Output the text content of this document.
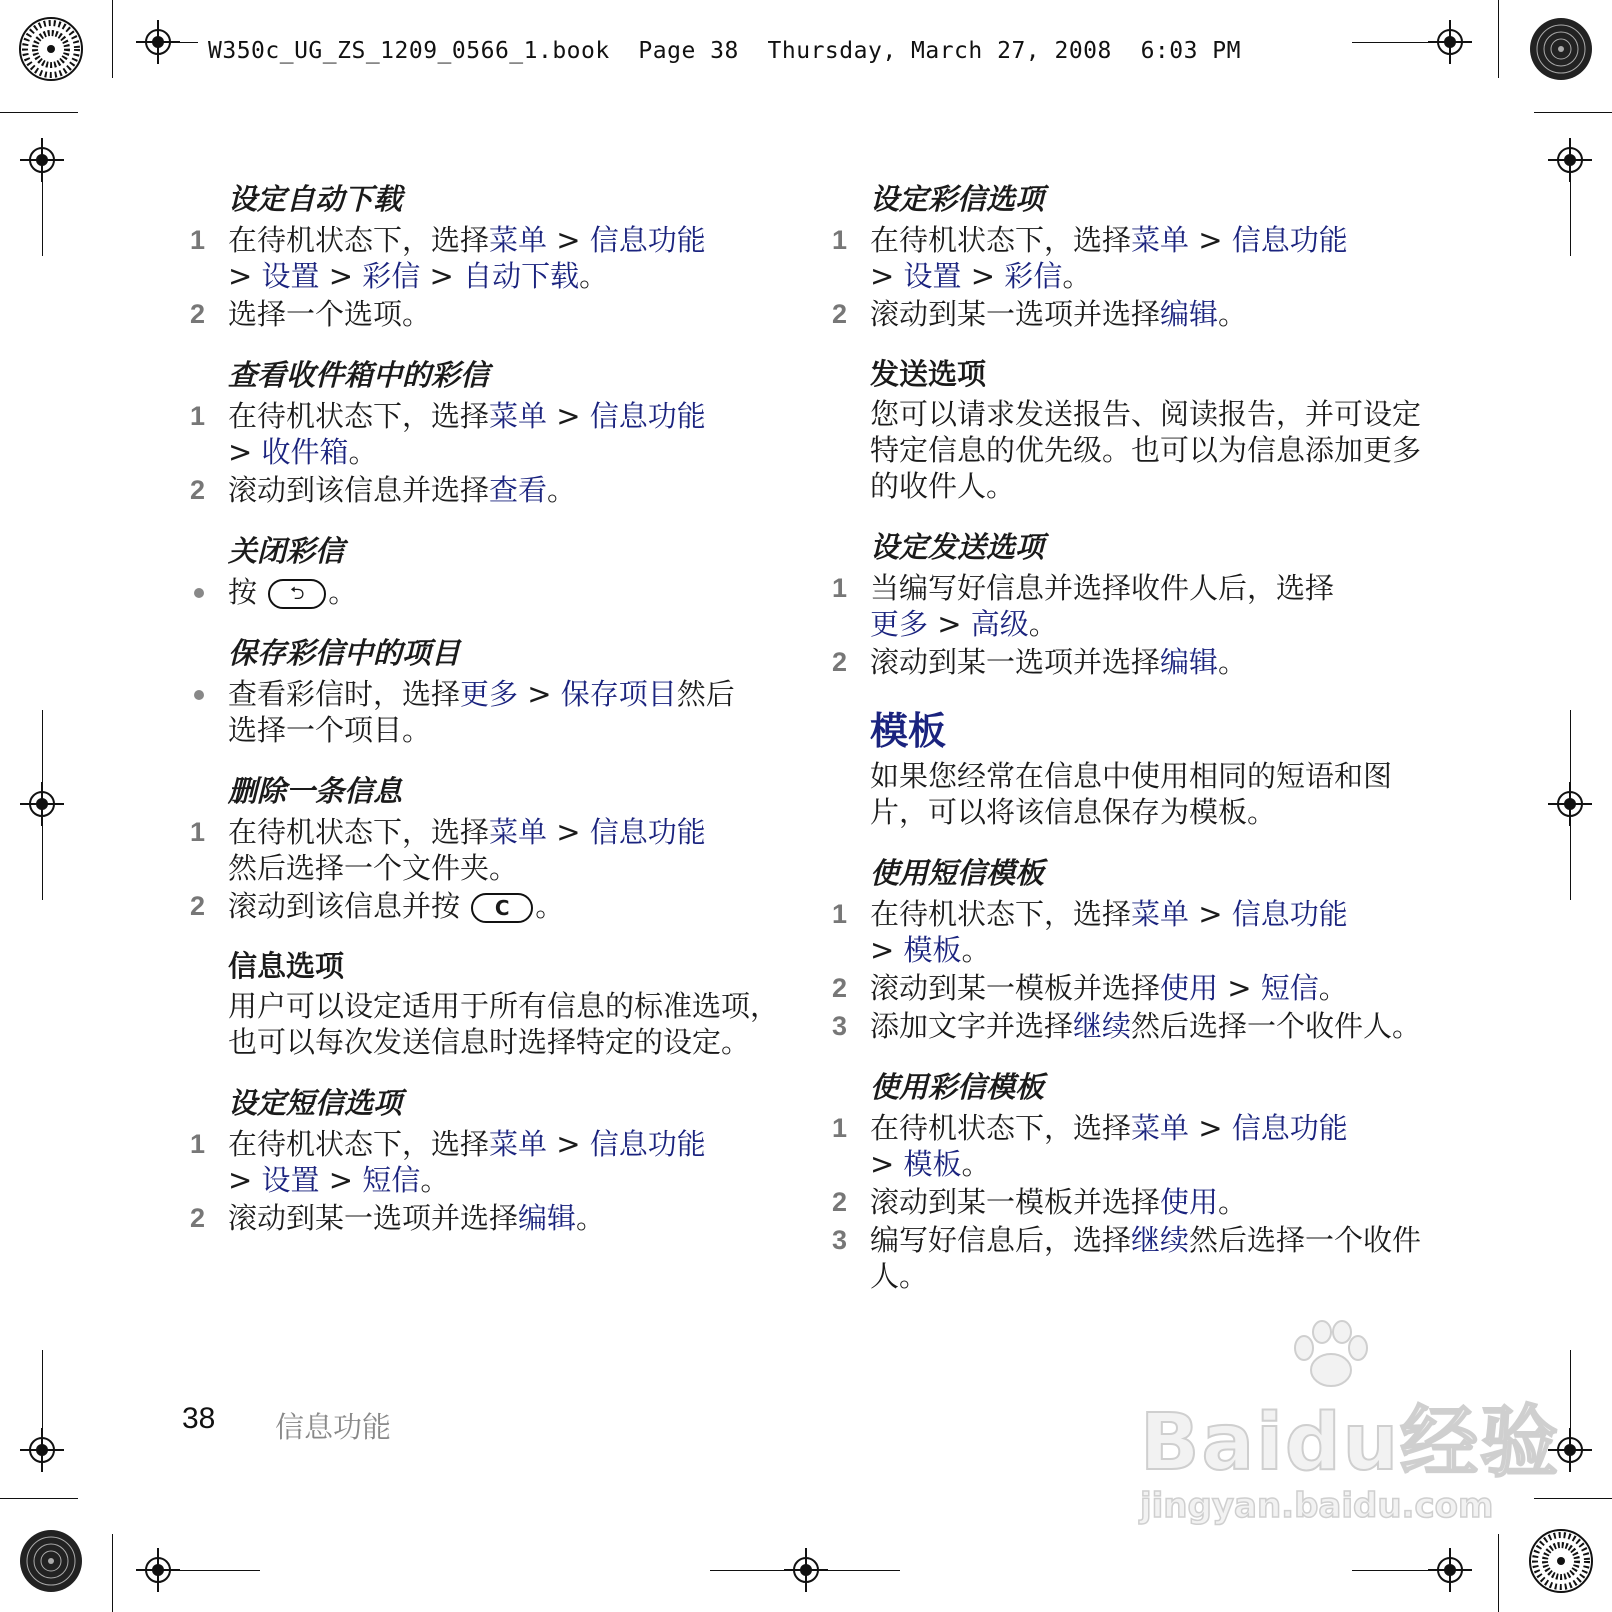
W350c_UG_ZS_1209_0566_1.book  Page 38  Thursday, March 27, 2008  6:03 PM
设定自动下载
1 在待机状态下，选择菜单 > 信息功能
> 设置 > 彩信 > 自动下载。
2 选择一个选项。
查看收件箱中的彩信
1 在待机状态下，选择菜单 > 信息功能
> 收件箱。
2 滚动到该信息并选择查看。
关闭彩信
按 ⮌ 。
保存彩信中的项目
查看彩信时，选择更多 > 保存项目然后
选择一个项目。
删除一条信息
1 在待机状态下，选择菜单 > 信息功能
然后选择一个文件夹。
2 滚动到该信息并按 C 。
信息选项
用户可以设定适用于所有信息的标准选项，也可以每次发送信息时选择特定的设定。
设定短信选项
1 在待机状态下，选择菜单 > 信息功能
> 设置 > 短信。
2 滚动到某一选项并选择编辑。
设定彩信选项
1 在待机状态下，选择菜单 > 信息功能
> 设置 > 彩信。
2 滚动到某一选项并选择编辑。
发送选项
您可以请求发送报告、阅读报告，并可设定特定信息的优先级。也可以为信息添加更多的收件人。
设定发送选项
1 当编写好信息并选择收件人后，选择
更多 > 高级。
2 滚动到某一选项并选择编辑。
模板
如果您经常在信息中使用相同的短语和图片，可以将该信息保存为模板。
使用短信模板
1 在待机状态下，选择菜单 > 信息功能
> 模板。
2 滚动到某一模板并选择使用 > 短信。
3 添加文字并选择继续然后选择一个收件人。
使用彩信模板
1 在待机状态下，选择菜单 > 信息功能
> 模板。
2 滚动到某一模板并选择使用。
3 编写好信息后，选择继续然后选择一个收件人。
38 信息功能	Baidu经验
jingyan.baidu.com
